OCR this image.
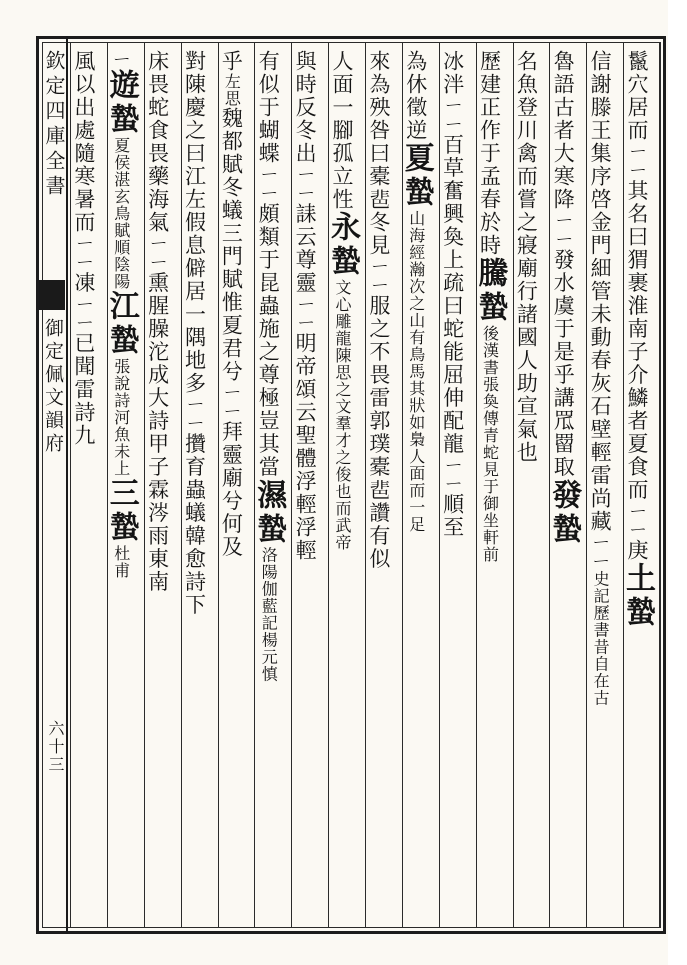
欽定四庫全書
御定佩文韻府
六十三
鬣穴居而ㄧㄧ其名曰猬裹淮南子介鱗者夏食而ㄧㄧ庚土蟄
信謝滕王集序啓金門細管未動春灰石壁輕雷尚藏ㄧㄧ史記歷書昔自在古
魯語古者大寒降ㄧㄧ發水虞于是乎講罛罶取發蟄
名魚登川禽而嘗之寢廟行諸國人助宣氣也
歷建正作于孟春於時騰蟄後漢書張奐傳青蛇見于御坐軒前
冰泮ㄧㄧ百草奮興奐上疏曰蛇能屈伸配龍ㄧㄧ順至
為休徵逆夏蟄山海經瀚次之山有鳥馬其狀如梟人面而一足
來為殃咎曰橐𩇯冬見ㄧㄧ服之不畏雷郭璞橐𩇯讚有似
人面一腳孤立性永蟄文心雕龍陳思之文羣才之俊也而武帝
與時反冬出ㄧㄧ誄云尊靈ㄧㄧ明帝頌云聖體浮輕浮輕
有似于蝴蝶ㄧㄧ頗類于昆蟲施之尊極豈其當濕蟄洛陽伽藍記楊元慎
乎左思魏都賦冬蟻三門賦惟夏君兮ㄧㄧ拜靈廟兮何及
對陳慶之曰江左假息僻居一隅地多ㄧㄧ攢育蟲蟻韓愈詩下
床畏蛇食畏藥海氣ㄧㄧ熏腥臊沱成大詩甲子霖涔雨東南
ㄧ遊蟄夏侯湛玄鳥賦順陰陽江蟄張說詩河魚未上三蟄杜甫
風以出處隨寒暑而ㄧㄧ凍ㄧㄧ已聞雷詩九
